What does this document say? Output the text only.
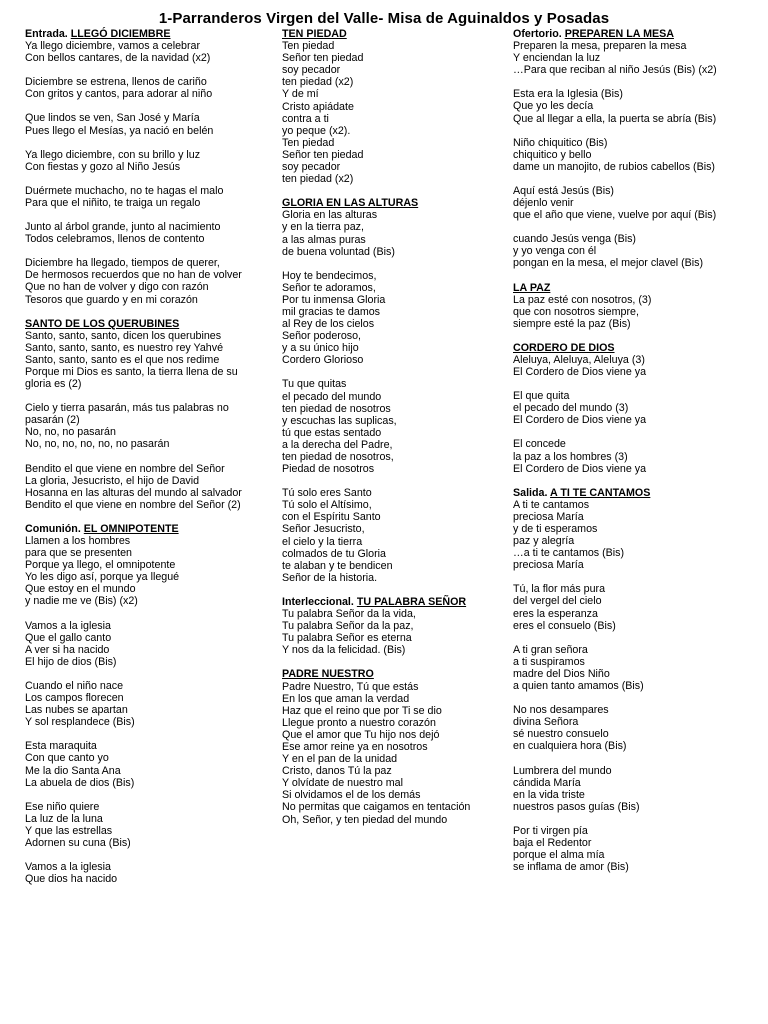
1-Parranderos Virgen del Valle- Misa de Aguinaldos y Posadas
Entrada. LLEGÓ DICIEMBRE
Ya llego diciembre, vamos a celebrar
Con bellos cantares, de la navidad (x2)
Diciembre se estrena, llenos de cariño
Con gritos y cantos, para adorar al niño
Que lindos se ven, San José y María
Pues llego el Mesías, ya nació en belén
Ya llego diciembre, con su brillo y luz
Con fiestas y gozo al Niño Jesús
Duérmete muchacho, no te hagas el malo
Para que el niñito, te traiga un regalo
Junto al árbol grande, junto al nacimiento
Todos celebramos, llenos de contento
Diciembre ha llegado, tiempos de querer,
De hermosos recuerdos que no han de volver
Que no han de volver y digo con razón
Tesoros que guardo y en mi corazón
SANTO DE LOS QUERUBINES
Santo, santo, santo, dicen los querubines
Santo, santo, santo, es nuestro rey Yahvé
Santo, santo, santo es el que nos redime
Porque mi Dios es santo, la tierra llena de su
gloria es (2)
Cielo y tierra pasarán, más tus palabras no
pasarán (2)
No, no, no pasarán
No, no, no, no, no, no pasarán
Bendito el que viene en nombre del Señor
La gloria, Jesucristo, el hijo de David
Hosanna en las alturas del mundo al salvador
Bendito el que viene en nombre del Señor (2)
Comunión. EL OMNIPOTENTE
Llamen a los hombres
para que se presenten
Porque ya llego, el omnipotente
Yo les digo así, porque ya llegué
Que estoy en el mundo
y nadie me ve (Bis) (x2)
Vamos a la iglesia
Que el gallo canto
A ver si ha nacido
El hijo de dios (Bis)
Cuando el niño nace
Los campos florecen
Las nubes se apartan
Y sol resplandece (Bis)
Esta maraquita
Con que canto yo
Me la dio Santa Ana
La abuela de dios (Bis)
Ese niño quiere
La luz de la luna
Y que las estrellas
Adornen su cuna (Bis)
Vamos a la iglesia
Que dios ha nacido
TEN PIEDAD
Ten piedad
Señor ten piedad
soy pecador
ten piedad (x2)
Y de mí
Cristo apiádate
contra a ti
yo peque (x2).
Ten piedad
Señor ten piedad
soy pecador
ten piedad (x2)
GLORIA EN LAS ALTURAS
Gloria en las alturas
y en la tierra paz,
a las almas puras
de buena voluntad (Bis)
Hoy te bendecimos,
Señor te adoramos,
Por tu inmensa Gloria
mil gracias te damos
al Rey de los cielos
Señor poderoso,
y a su único hijo
Cordero Glorioso
Tu que quitas
el pecado del mundo
ten piedad de nosotros
y escuchas las suplicas,
tú que estas sentado
a la derecha del Padre,
ten piedad de nosotros,
Piedad de nosotros
Tú solo eres Santo
Tú solo el Altísimo,
con el Espíritu Santo
Señor Jesucristo,
el cielo y la tierra
colmados de tu Gloria
te alaban y te bendicen
Señor de la historia.
Interleccional. TU PALABRA SEÑOR
Tu palabra Señor da la vida,
Tu palabra Señor da la paz,
Tu palabra Señor es eterna
Y nos da la felicidad. (Bis)
PADRE NUESTRO
Padre Nuestro, Tú que estás
En los que aman la verdad
Haz que el reino que por Ti se dio
Llegue pronto a nuestro corazón
Que el amor que Tu hijo nos dejó
Ese amor reine ya en nosotros
Y en el pan de la unidad
Cristo, danos Tú la paz
Y olvídate de nuestro mal
Si olvidamos el de los demás
No permitas que caigamos en tentación
Oh, Señor, y ten piedad del mundo
Ofertorio. PREPAREN LA MESA
Preparen la mesa, preparen la mesa
Y enciendan la luz
…Para que reciban al niño Jesús (Bis) (x2)
Esta era la Iglesia (Bis)
Que yo les decía
Que al llegar a ella, la puerta se abría (Bis)
Niño chiquitico (Bis)
chiquitico y bello
dame un manojito, de rubios cabellos (Bis)
Aquí está Jesús (Bis)
déjenlo venir
que el año que viene, vuelve por aquí (Bis)
cuando Jesús venga (Bis)
y yo venga con él
pongan en la mesa, el mejor clavel (Bis)
LA PAZ
La paz esté con nosotros, (3)
que con nosotros siempre,
siempre esté la paz (Bis)
CORDERO DE DIOS
Aleluya, Aleluya, Aleluya (3)
El Cordero de Dios viene ya
El que quita
el pecado del mundo (3)
El Cordero de Dios viene ya
El concede
la paz a los hombres (3)
El Cordero de Dios viene ya
Salida. A TI TE CANTAMOS
A ti te cantamos
preciosa María
y de ti esperamos
paz y alegría
…a ti te cantamos (Bis)
preciosa María
Tú, la flor más pura
del vergel del cielo
eres la esperanza
eres el consuelo (Bis)
A ti gran señora
a ti suspiramos
madre del Dios Niño
a quien tanto amamos (Bis)
No nos desampares
divina Señora
sé nuestro consuelo
en cualquiera hora (Bis)
Lumbrera del mundo
cándida María
en la vida triste
nuestros pasos guías (Bis)
Por ti virgen pía
baja el Redentor
porque el alma mía
se inflama de amor (Bis)
